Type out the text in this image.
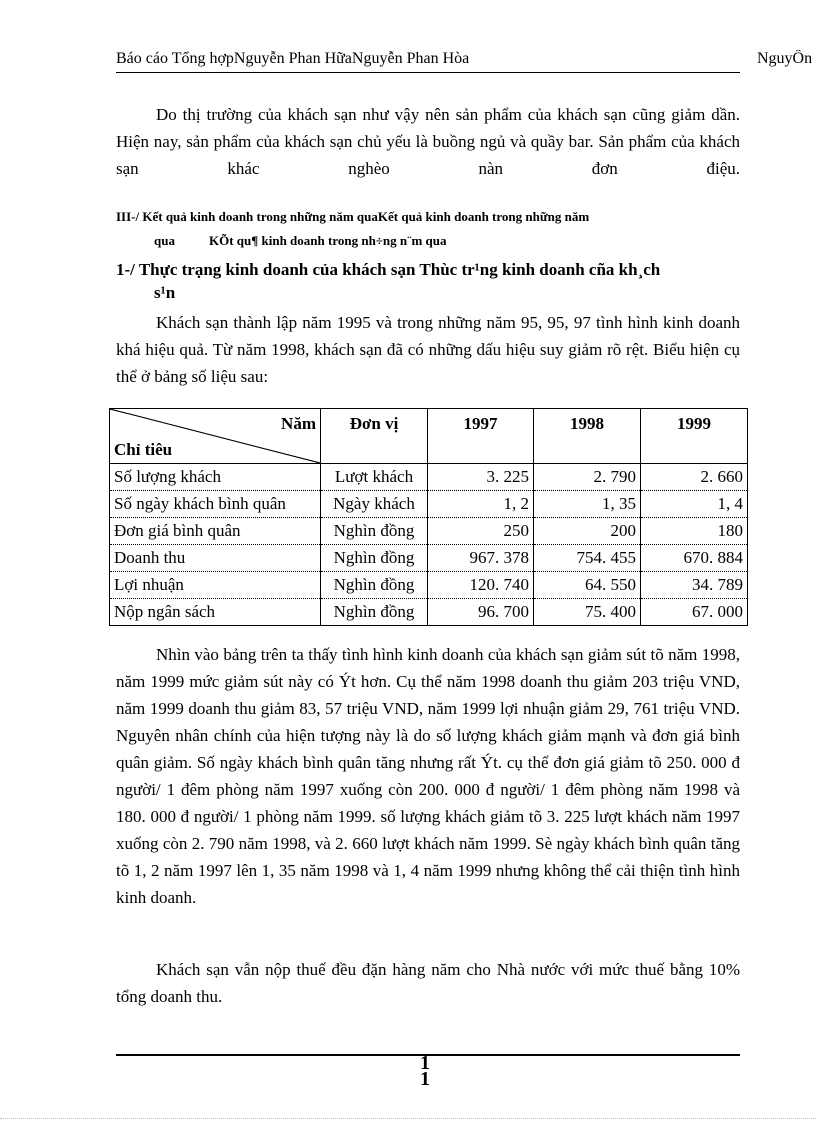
Báo cáo Tổng hợpNguyễn Phan HữaNguyễn Phan Hòa	NguyÔn

Do thị trường của khách sạn như vậy nên sản phẩm của khách sạn cũng giảm dần. Hiện nay, sản phẩm của khách sạn chủ yếu là buồng ngủ và quầy bar. Sản phẩm của khách sạn khác nghèo nàn đơn điệu.

III-/ Kết quả kinh doanh trong những năm quaKết quả kinh doanh trong những năm
qua	KÕt qu¶ kinh doanh trong nh÷ng n¨m qua
1-/ Thực trạng kinh doanh của khách sạn Thùc tr¹ng kinh doanh cña kh¸ch
s¹n

Khách sạn thành lập năm 1995 và trong những năm 95, 95, 97 tình hình kinh doanh khá hiệu quả. Từ năm 1998, khách sạn đã có những dấu hiệu suy giảm rõ rệt. Biểu hiện cụ thể ở bảng số liệu sau:

Năm
Chỉ tiêu	Đơn vị	1997	1998	1999
Số lượng khách	Lượt khách	3. 225	2. 790	2. 660
Số ngày khách bình quân	Ngày khách	1, 2	1, 35	1, 4
Đơn giá bình quân	Nghìn đồng	250	200	180
Doanh thu	Nghìn đồng	967. 378	754. 455	670. 884
Lợi nhuận	Nghìn đồng	120. 740	64. 550	34. 789
Nộp ngân sách	Nghìn đồng	96. 700	75. 400	67. 000

Nhìn vào bảng trên ta thấy tình hình kinh doanh của khách sạn giảm sút tõ năm 1998, năm 1999 mức giảm sút này có Ýt hơn. Cụ thể năm 1998 doanh thu giảm 203 triệu VND, năm 1999 doanh thu giảm 83, 57 triệu VND, năm 1999 lợi nhuận giảm 29, 761 triệu VND. Nguyên nhân chính của hiện tượng này là do số lượng khách giảm mạnh và đơn giá bình quân giảm. Số ngày khách bình quân tăng nhưng rất Ýt. cụ thể đơn giá giảm tõ 250. 000 đ người/ 1 đêm phòng năm 1997 xuống còn 200. 000 đ người/ 1 đêm phòng năm 1998 và 180. 000 đ người/ 1 phòng năm 1999. số lượng khách giảm tõ 3. 225 lượt khách năm 1997 xuống còn 2. 790 năm 1998, và 2. 660 lượt khách năm 1999. Sè ngày khách bình quân tăng tõ 1, 2 năm 1997 lên 1, 35 năm 1998 và 1, 4 năm 1999 nhưng không thể cải thiện tình hình kinh doanh.

Khách sạn vẫn nộp thuế đều đặn hàng năm cho Nhà nước với mức thuế bằng 10% tổng doanh thu.

1
1
